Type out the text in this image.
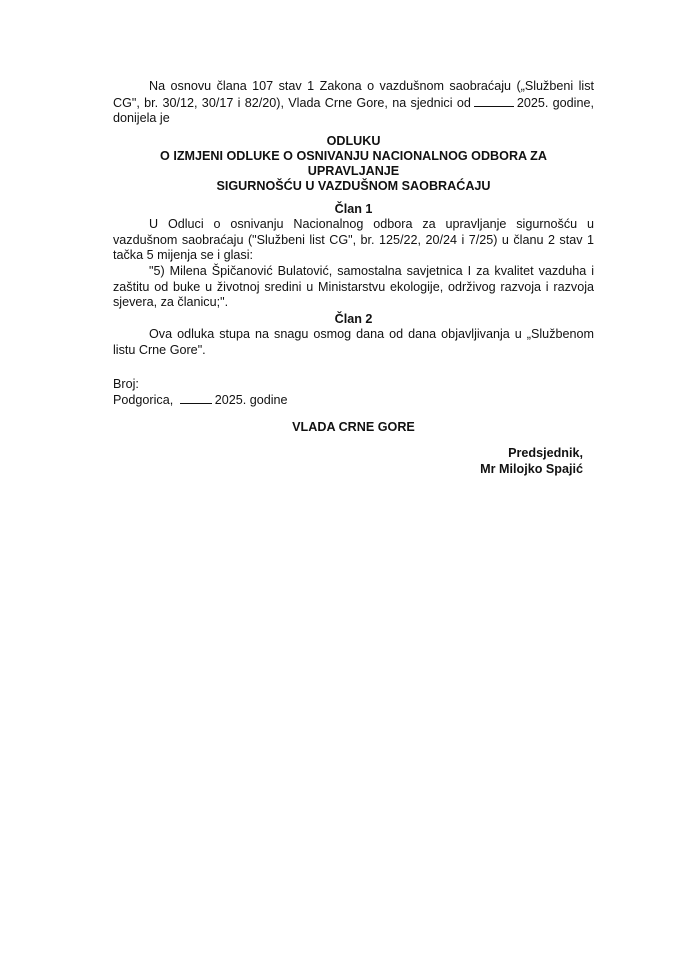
Na osnovu člana 107 stav 1 Zakona o vazdušnom saobraćaju („Službeni list CG", br. 30/12, 30/17 i 82/20), Vlada Crne Gore, na sjednici od	2025. godine, donijela je

ODLUKU
O IZMJENI ODLUKE O OSNIVANJU NACIONALNOG ODBORA ZA UPRAVLJANJE
SIGURNOŠĆU U VAZDUŠNOM SAOBRAĆAJU
Član 1

U Odluci o osnivanju Nacionalnog odbora za upravljanje sigurnošću u vazdušnom saobraćaju ("Službeni list CG", br. 125/22, 20/24 i 7/25) u članu 2 stav 1 tačka 5 mijenja se i glasi:

"5) Milena Špičanović Bulatović, samostalna savjetnica I za kvalitet vazduha i zaštitu od buke u životnoj sredini u Ministarstvu ekologije, održivog razvoja i razvoja sjevera, za članicu;".

Član 2

Ova odluka stupa na snagu osmog dana od dana objavljivanja u „Službenom listu Crne Gore".

Broj:
Podgorica,	2025. godine
VLADA CRNE GORE
Predsjednik,
Mr Milojko Spajić
